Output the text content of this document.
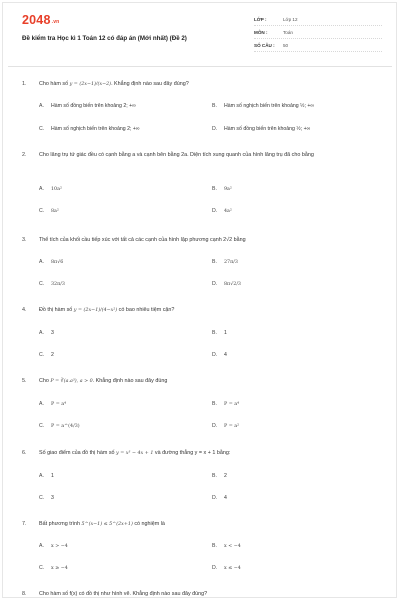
2048.vn
Đề kiểm tra Học kì 1 Toán 12 có đáp án (Mới nhất) (Đề 2)
LỚP :	Lớp 12
MÔN :	Toán
SỐ CÂU : 50
1. Cho hàm số y = (2x−1)/(x−2). Khẳng định nào sau đây đúng?
A. Hàm số đồng biến trên khoảng 2; +∞	B. Hàm số nghịch biến trên khoảng ½; +∞
C. Hàm số nghịch biến trên khoảng 2; +∞	D. Hàm số đồng biến trên khoảng ½; +∞
2. Cho lăng trụ tứ giác đều có cạnh bằng a và cạnh bên bằng 2a. Diện tích xung quanh của hình lăng trụ đã cho bằng
A. 10a²	B. 9a²
C. 8a²	D. 4a²
3. Thể tích của khối cầu tiếp xúc với tất cả các cạnh của hình lập phương cạnh 2√2 bằng
A. 8π√6	B. 27π/3
C. 32π/3	D. 8π√2/3
4. Đồ thị hàm số y = (2x−1)/(4−x²) có bao nhiêu tiệm cận?
A. 3	B. 1
C. 2	D. 4
5. Cho P = ∛(a.a³), a > 0. Khẳng định nào sau đây đúng
A. P = a⁴	B. P = a⁴
C. P = a^(4/3)	D. P = a²
6. Số giao điểm của đồ thị hàm số y = x³ − 4x + 1 và đường thẳng y = x + 1 bằng:
A. 1	B. 2
C. 3	D. 4
7. Bất phương trình 5^(x−1) ≤ 5^(2x+1) có nghiệm là
A. x > −4	B. x < −4
C. x ≥ −4	D. x ≤ −4
8. Cho hàm số f(x) có đồ thị như hình vẽ. Khẳng định nào sau đây đúng?
